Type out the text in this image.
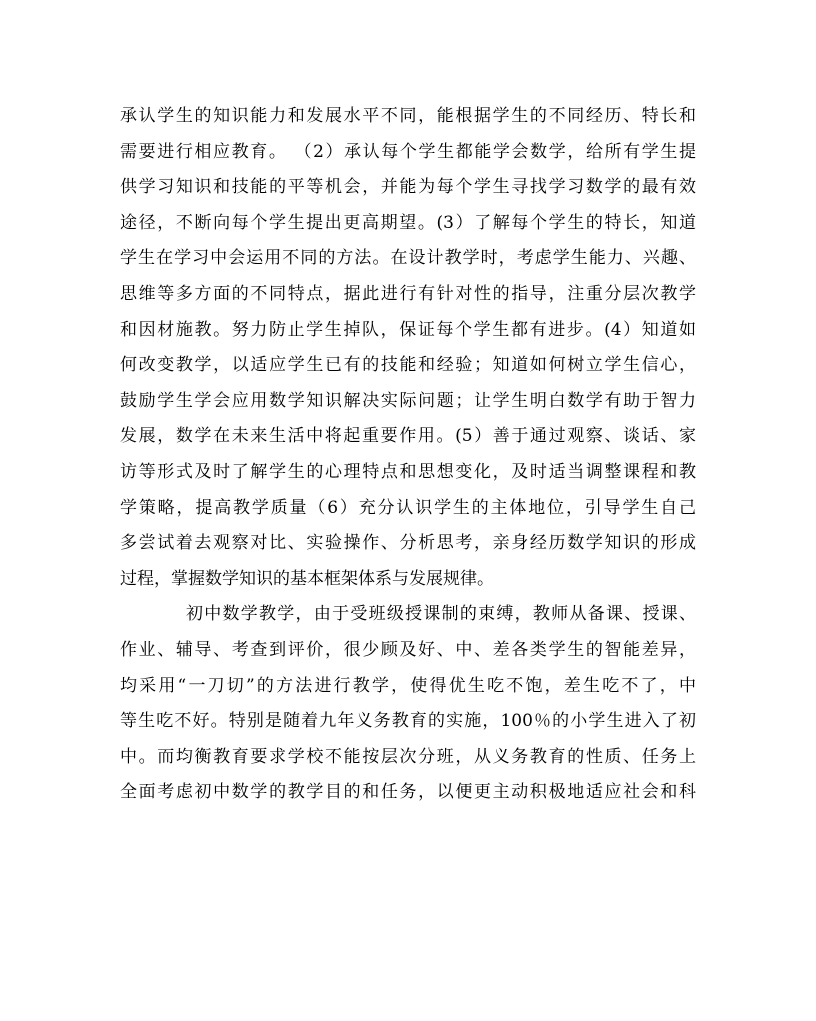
承认学生的知识能力和发展水平不同，能根据学生的不同经历、特长和
需要进行相应教育。 （2）承认每个学生都能学会数学，给所有学生提
供学习知识和技能的平等机会，并能为每个学生寻找学习数学的最有效
途径，不断向每个学生提出更高期望。(3）了解每个学生的特长，知道
学生在学习中会运用不同的方法。在设计教学时，考虑学生能力、兴趣、
思维等多方面的不同特点，据此进行有针对性的指导，注重分层次教学
和因材施教。努力防止学生掉队，保证每个学生都有进步。(4）知道如
何改变教学，以适应学生已有的技能和经验；知道如何树立学生信心，
鼓励学生学会应用数学知识解决实际问题；让学生明白数学有助于智力
发展，数学在未来生活中将起重要作用。(5）善于通过观察、谈话、家
访等形式及时了解学生的心理特点和思想变化，及时适当调整课程和教
学策略，提高教学质量（6）充分认识学生的主体地位，引导学生自己
多尝试着去观察对比、实验操作、分析思考，亲身经历数学知识的形成
过程，掌握数学知识的基本框架体系与发展规律。
初中数学教学，由于受班级授课制的束缚，教师从备课、授课、
作业、辅导、考查到评价，很少顾及好、中、差各类学生的智能差异，
均采用“一刀切”的方法进行教学，使得优生吃不饱，差生吃不了，中
等生吃不好。特别是随着九年义务教育的实施，100％的小学生进入了初
中。而均衡教育要求学校不能按层次分班，从义务教育的性质、任务上
全面考虑初中数学的教学目的和任务，以便更主动积极地适应社会和科
